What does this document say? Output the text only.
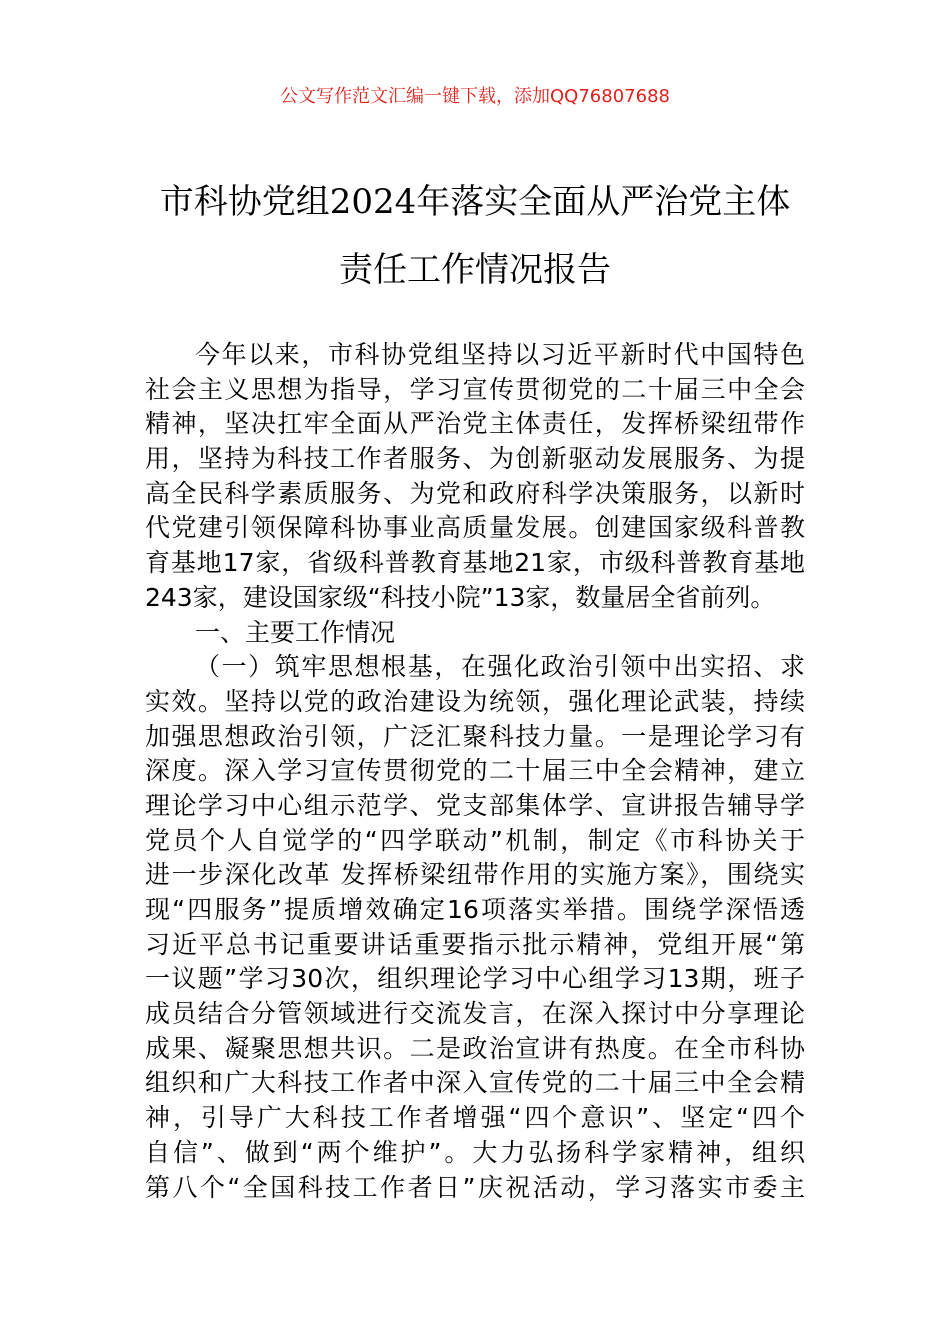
公文写作范文汇编一键下载，添加QQ76807688
市科协党组2024年落实全面从严治党主体
责任工作情况报告
今年以来，市科协党组坚持以习近平新时代中国特色
社会主义思想为指导，学习宣传贯彻党的二十届三中全会
精神，坚决扛牢全面从严治党主体责任，发挥桥梁纽带作
用，坚持为科技工作者服务、为创新驱动发展服务、为提
高全民科学素质服务、为党和政府科学决策服务，以新时
代党建引领保障科协事业高质量发展。创建国家级科普教
育基地17家，省级科普教育基地21家，市级科普教育基地
243家，建设国家级“科技小院”13家，数量居全省前列。
一、主要工作情况
（一）筑牢思想根基，在强化政治引领中出实招、求
实效。坚持以党的政治建设为统领，强化理论武装，持续
加强思想政治引领，广泛汇聚科技力量。一是理论学习有
深度。深入学习宣传贯彻党的二十届三中全会精神，建立
理论学习中心组示范学、党支部集体学、宣讲报告辅导学
党员个人自觉学的“四学联动”机制，制定《市科协关于
进一步深化改革 发挥桥梁纽带作用的实施方案》，围绕实
现“四服务”提质增效确定16项落实举措。围绕学深悟透
习近平总书记重要讲话重要指示批示精神，党组开展“第
一议题”学习30次，组织理论学习中心组学习13期，班子
成员结合分管领域进行交流发言，在深入探讨中分享理论
成果、凝聚思想共识。二是政治宣讲有热度。在全市科协
组织和广大科技工作者中深入宣传党的二十届三中全会精
神，引导广大科技工作者增强“四个意识”、坚定“四个
自信”、做到“两个维护”。大力弘扬科学家精神，组织
第八个“全国科技工作者日”庆祝活动，学习落实市委主
